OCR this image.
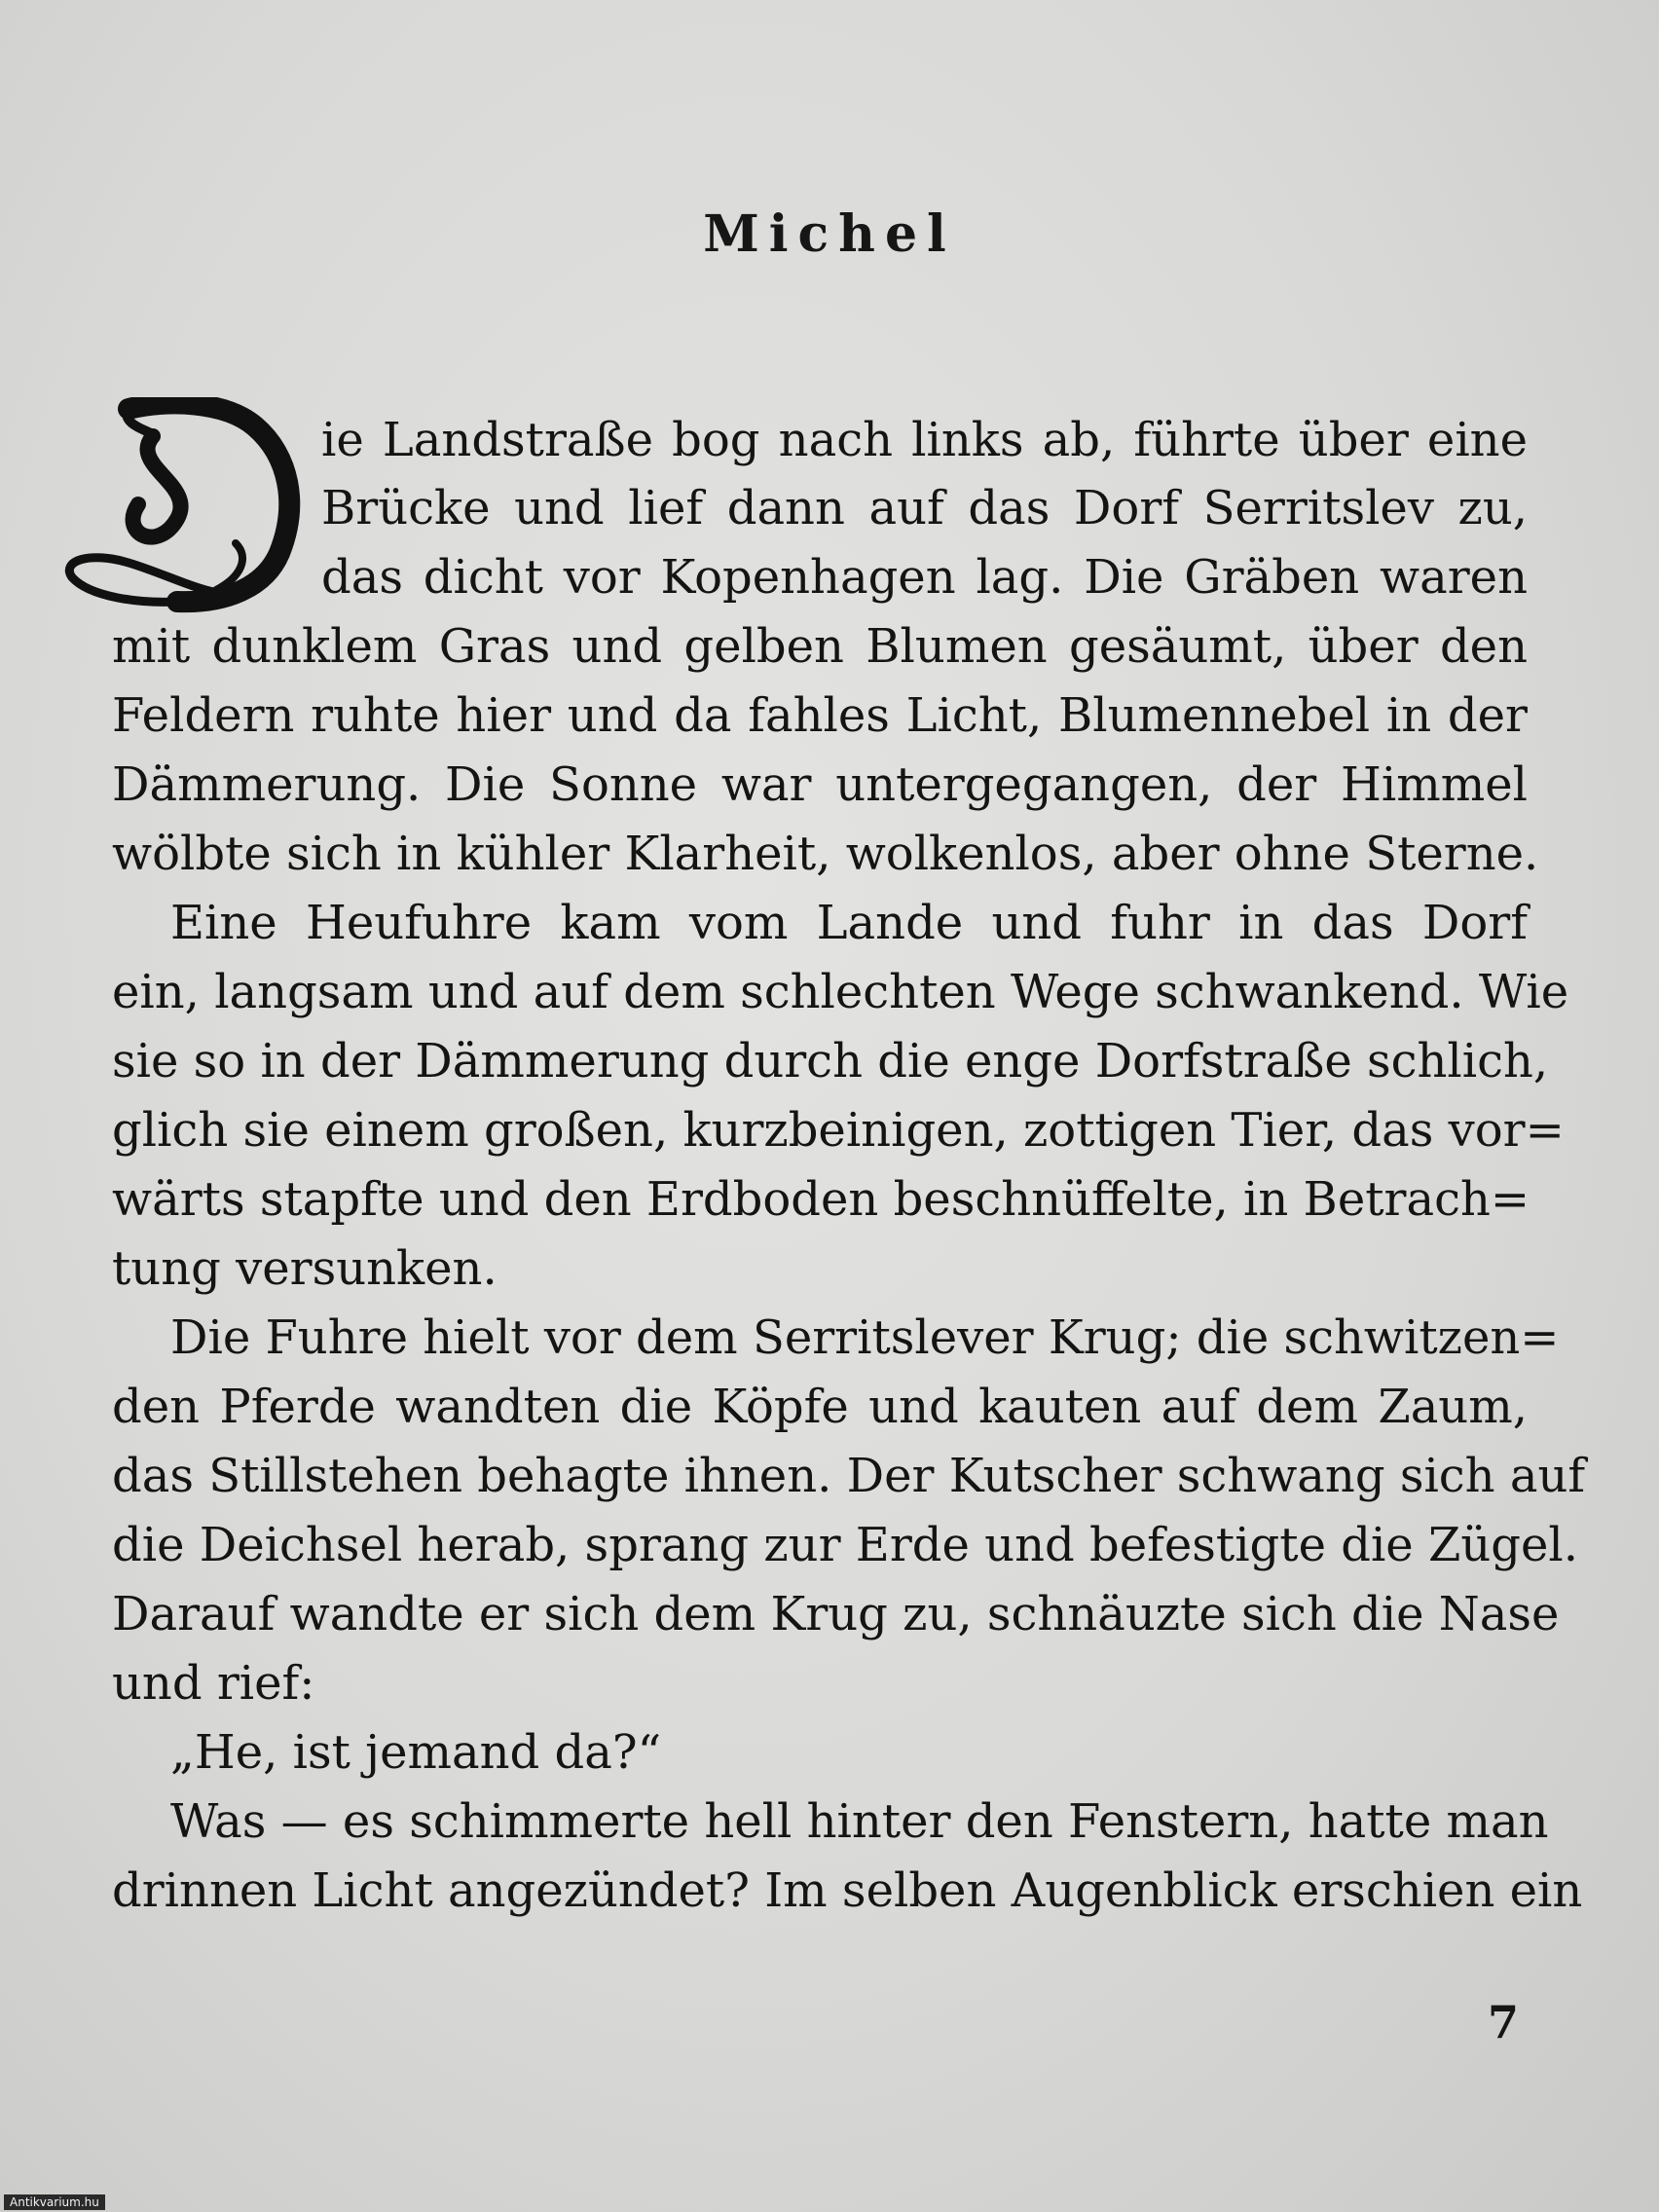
Michel
D
ie Landstraße bog nach links ab, führte über eine
Brücke und lief dann auf das Dorf Serritslev zu,
das dicht vor Kopenhagen lag. Die Gräben waren
mit dunklem Gras und gelben Blumen gesäumt, über den
Feldern ruhte hier und da fahles Licht, Blumennebel in der
Dämmerung. Die Sonne war untergegangen, der Himmel
wölbte sich in kühler Klarheit, wolkenlos, aber ohne Sterne.
Eine Heufuhre kam vom Lande und fuhr in das Dorf
ein, langsam und auf dem schlechten Wege schwankend. Wie
sie so in der Dämmerung durch die enge Dorfstraße schlich,
glich sie einem großen, kurzbeinigen, zottigen Tier, das vor=
wärts stapfte und den Erdboden beschnüffelte, in Betrach=
tung versunken.
Die Fuhre hielt vor dem Serritslever Krug; die schwitzen=
den Pferde wandten die Köpfe und kauten auf dem Zaum,
das Stillstehen behagte ihnen. Der Kutscher schwang sich auf
die Deichsel herab, sprang zur Erde und befestigte die Zügel.
Darauf wandte er sich dem Krug zu, schnäuzte sich die Nase
und rief:
„He, ist jemand da?“
Was — es schimmerte hell hinter den Fenstern, hatte man
drinnen Licht angezündet? Im selben Augenblick erschien ein
7
Antikvarium.hu
